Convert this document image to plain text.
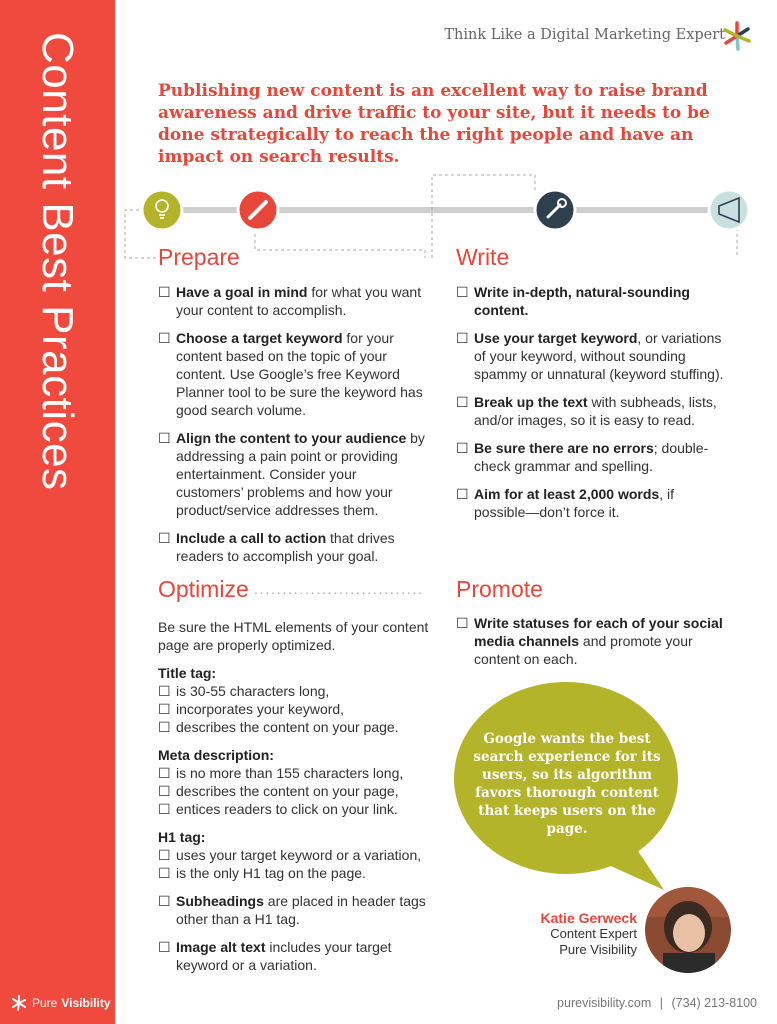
Content Best Practices
Pure Visibility
Think Like a Digital Marketing Expert
Publishing new content is an excellent way to raise brand awareness and drive traffic to your site, but it needs to be done strategically to reach the right people and have an impact on search results.
Prepare
☐ Have a goal in mind for what you want your content to accomplish.
☐ Choose a target keyword for your content based on the topic of your content. Use Google’s free Keyword Planner tool to be sure the keyword has good search volume.
☐ Align the content to your audience by addressing a pain point or providing entertainment. Consider your customers’ problems and how your product/service addresses them.
☐ Include a call to action that drives readers to accomplish your goal.
Optimize ······························
Be sure the HTML elements of your content page are properly optimized.
Title tag:
☐ is 30-55 characters long,
☐ incorporates your keyword,
☐ describes the content on your page.
Meta description:
☐ is no more than 155 characters long,
☐ describes the content on your page,
☐ entices readers to click on your link.
H1 tag:
☐ uses your target keyword or a variation,
☐ is the only H1 tag on the page.
☐ Subheadings are placed in header tags other than a H1 tag.
☐ Image alt text includes your target keyword or a variation.
Write
☐ Write in-depth, natural-sounding content.
☐ Use your target keyword, or variations of your keyword, without sounding spammy or unnatural (keyword stuffing).
☐ Break up the text with subheads, lists, and/or images, so it is easy to read.
☐ Be sure there are no errors; double-check grammar and spelling.
☐ Aim for at least 2,000 words, if possible—don’t force it.
Promote
☐ Write statuses for each of your social media channels and promote your content on each.
Google wants the best search experience for its users, so its algorithm favors thorough content that keeps users on the page.
Katie Gerweck
Content Expert
Pure Visibility
purevisibility.com | (734) 213-8100
